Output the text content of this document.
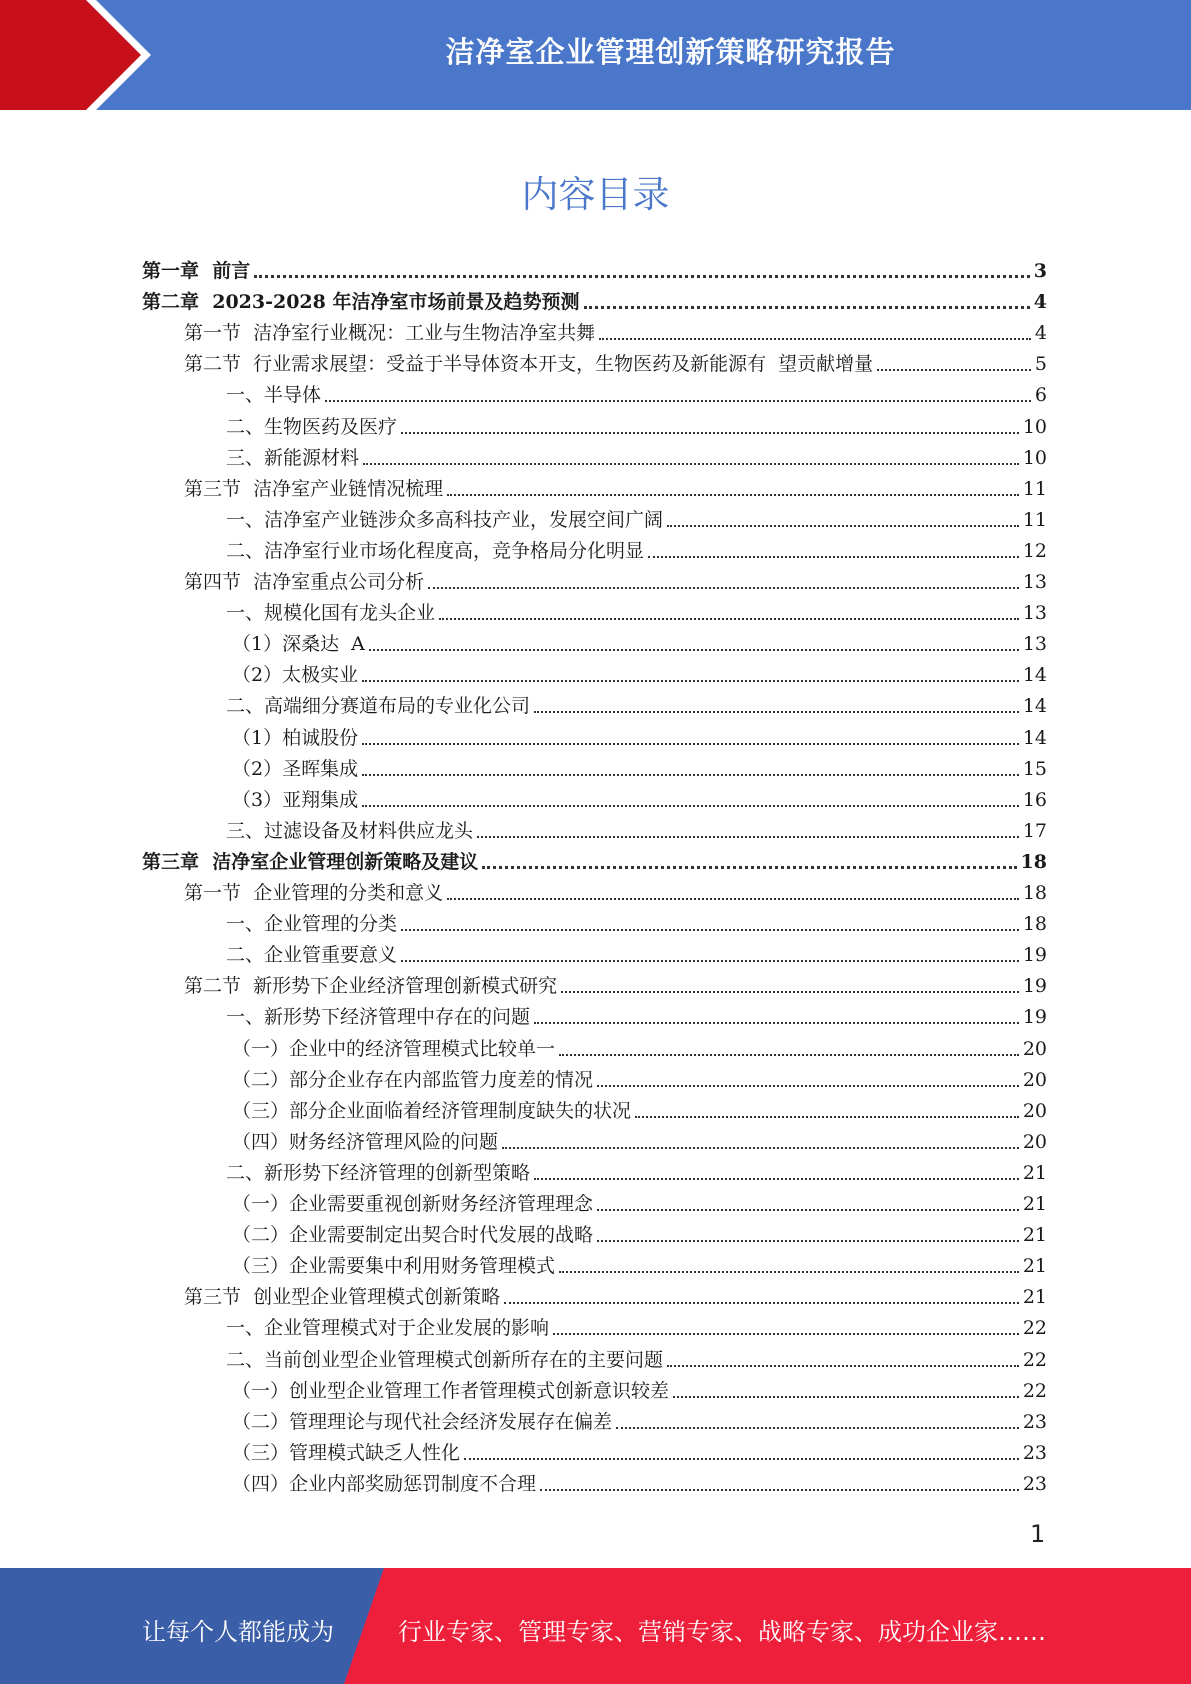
洁净室企业管理创新策略研究报告
内容目录
第一章  前言	3
第二章  2023-2028 年洁净室市场前景及趋势预测	4
第一节  洁净室行业概况：工业与生物洁净室共舞	4
第二节  行业需求展望：受益于半导体资本开支，生物医药及新能源有  望贡献增量	5
一、半导体	6
二、生物医药及医疗	10
三、新能源材料	10
第三节  洁净室产业链情况梳理	11
一、洁净室产业链涉众多高科技产业，发展空间广阔	11
二、洁净室行业市场化程度高，竞争格局分化明显	12
第四节  洁净室重点公司分析	13
一、规模化国有龙头企业	13
（1）深桑达  A	13
（2）太极实业	14
二、高端细分赛道布局的专业化公司	14
（1）柏诚股份	14
（2）圣晖集成	15
（3）亚翔集成	16
三、过滤设备及材料供应龙头	17
第三章  洁净室企业管理创新策略及建议	18
第一节  企业管理的分类和意义	18
一、企业管理的分类	18
二、企业管重要意义	19
第二节  新形势下企业经济管理创新模式研究	19
一、新形势下经济管理中存在的问题	19
（一）企业中的经济管理模式比较单一	20
（二）部分企业存在内部监管力度差的情况	20
（三）部分企业面临着经济管理制度缺失的状况	20
（四）财务经济管理风险的问题	20
二、新形势下经济管理的创新型策略	21
（一）企业需要重视创新财务经济管理理念	21
（二）企业需要制定出契合时代发展的战略	21
（三）企业需要集中利用财务管理模式	21
第三节  创业型企业管理模式创新策略	21
一、企业管理模式对于企业发展的影响	22
二、当前创业型企业管理模式创新所存在的主要问题	22
（一）创业型企业管理工作者管理模式创新意识较差	22
（二）管理理论与现代社会经济发展存在偏差	23
（三）管理模式缺乏人性化	23
（四）企业内部奖励惩罚制度不合理	23
1
让每个人都能成为	行业专家、管理专家、营销专家、战略专家、成功企业家……
